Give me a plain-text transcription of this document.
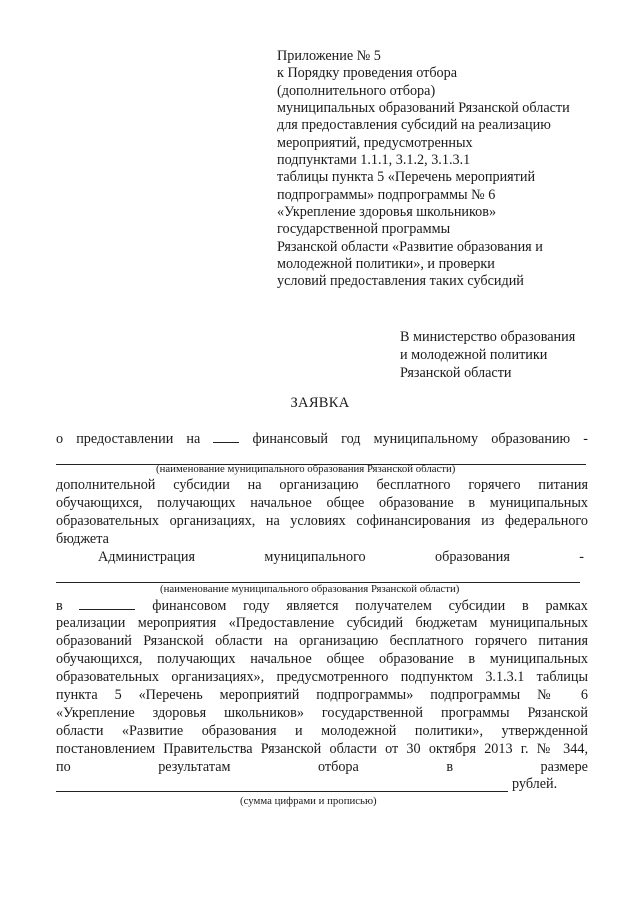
Приложение № 5
к Порядку проведения отбора
(дополнительного отбора)
муниципальных образований Рязанской области
для предоставления субсидий на реализацию
мероприятий, предусмотренных
подпунктами 1.1.1, 3.1.2, 3.1.3.1
таблицы пункта 5 «Перечень мероприятий
подпрограммы» подпрограммы № 6
«Укрепление здоровья школьников»
государственной программы
Рязанской области «Развитие образования и
молодежной политики», и проверки
условий предоставления таких субсидий
В министерство образования
и молодежной политики
Рязанской области
ЗАЯВКА
о предоставлении на	финансовый год муниципальному образованию -
(наименование муниципального образования Рязанской области)
дополнительной субсидии на организацию бесплатного горячего питания
обучающихся, получающих начальное общее образование в муниципальных
образовательных организациях, на условиях софинансирования из федерального
бюджета
Администрация	муниципального	образования	-
(наименование муниципального образования Рязанской области)
в	финансовом году является получателем субсидии в рамках
реализации мероприятия «Предоставление субсидий бюджетам муниципальных
образований Рязанской области на организацию бесплатного горячего питания
обучающихся, получающих начальное общее образование в муниципальных
образовательных организациях», предусмотренного подпунктом 3.1.3.1 таблицы
пункта 5 «Перечень мероприятий подпрограммы» подпрограммы № 6
«Укрепление здоровья школьников» государственной программы Рязанской
области «Развитие образования и молодежной политики», утвержденной
постановлением Правительства Рязанской области от 30 октября 2013 г. № 344,
по	результатам	отбора	в	размере
рублей.
(сумма цифрами и прописью)
